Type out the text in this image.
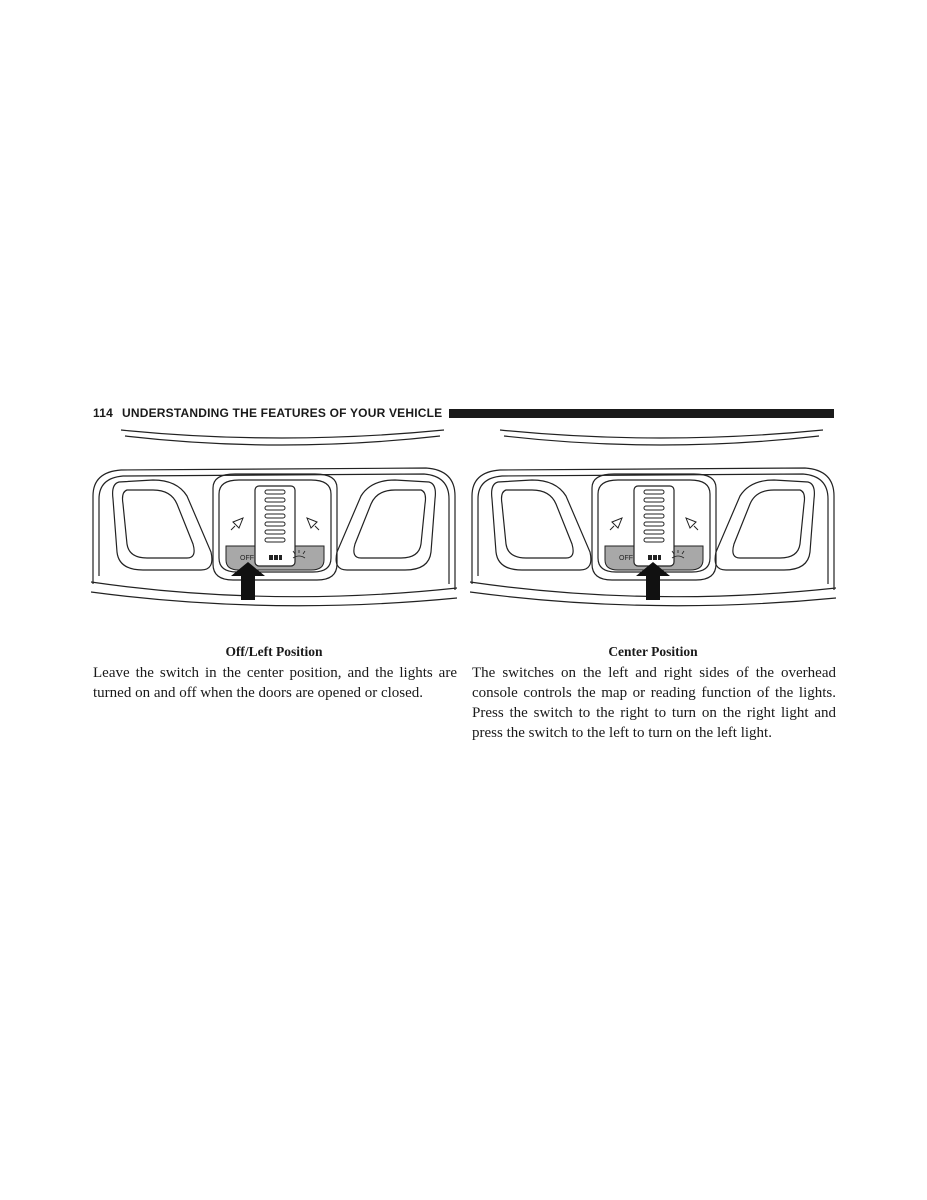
114 UNDERSTANDING THE FEATURES OF YOUR VEHICLE
OFF	OFF
Off/Left Position	Center Position

Leave the switch in the center position, and the lights are turned on and off when the doors are opened or closed.

The switches on the left and right sides of the overhead console controls the map or reading function of the lights. Press the switch to the right to turn on the right light and press the switch to the left to turn on the left light.
